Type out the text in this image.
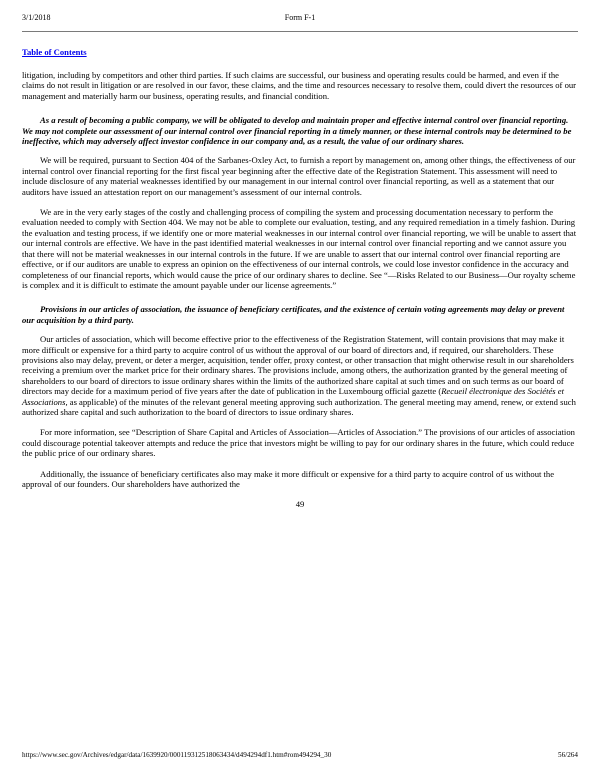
3/1/2018	Form F-1
Table of Contents

litigation, including by competitors and other third parties. If such claims are successful, our business and operating results could be harmed, and even if the claims do not result in litigation or are resolved in our favor, these claims, and the time and resources necessary to resolve them, could divert the resources of our management and materially harm our business, operating results, and financial condition.

As a result of becoming a public company, we will be obligated to develop and maintain proper and effective internal control over financial reporting. We may not complete our assessment of our internal control over financial reporting in a timely manner, or these internal controls may be determined to be ineffective, which may adversely affect investor confidence in our company and, as a result, the value of our ordinary shares.

We will be required, pursuant to Section 404 of the Sarbanes-Oxley Act, to furnish a report by management on, among other things, the effectiveness of our internal control over financial reporting for the first fiscal year beginning after the effective date of the Registration Statement. This assessment will need to include disclosure of any material weaknesses identified by our management in our internal control over financial reporting, as well as a statement that our auditors have issued an attestation report on our management’s assessment of our internal controls.

We are in the very early stages of the costly and challenging process of compiling the system and processing documentation necessary to perform the evaluation needed to comply with Section 404. We may not be able to complete our evaluation, testing, and any required remediation in a timely fashion. During the evaluation and testing process, if we identify one or more material weaknesses in our internal control over financial reporting, we will be unable to assert that our internal controls are effective. We have in the past identified material weaknesses in our internal control over financial reporting and we cannot assure you that there will not be material weaknesses in our internal controls in the future. If we are unable to assert that our internal control over financial reporting are effective, or if our auditors are unable to express an opinion on the effectiveness of our internal controls, we could lose investor confidence in the accuracy and completeness of our financial reports, which would cause the price of our ordinary shares to decline. See “—Risks Related to our Business—Our royalty scheme is complex and it is difficult to estimate the amount payable under our license agreements.”

Provisions in our articles of association, the issuance of beneficiary certificates, and the existence of certain voting agreements may delay or prevent our acquisition by a third party.

Our articles of association, which will become effective prior to the effectiveness of the Registration Statement, will contain provisions that may make it more difficult or expensive for a third party to acquire control of us without the approval of our board of directors and, if required, our shareholders. These provisions also may delay, prevent, or deter a merger, acquisition, tender offer, proxy contest, or other transaction that might otherwise result in our shareholders receiving a premium over the market price for their ordinary shares. The provisions include, among others, the authorization granted by the general meeting of shareholders to our board of directors to issue ordinary shares within the limits of the authorized share capital at such times and on such terms as our board of directors may decide for a maximum period of five years after the date of publication in the Luxembourg official gazette (Recueil électronique des Sociétés et Associations, as applicable) of the minutes of the relevant general meeting approving such authorization. The general meeting may amend, renew, or extend such authorized share capital and such authorization to the board of directors to issue ordinary shares.

For more information, see “Description of Share Capital and Articles of Association—Articles of Association.” The provisions of our articles of association could discourage potential takeover attempts and reduce the price that investors might be willing to pay for our ordinary shares in the future, which could reduce the public price of our ordinary shares.

Additionally, the issuance of beneficiary certificates also may make it more difficult or expensive for a third party to acquire control of us without the approval of our founders. Our shareholders have authorized the

49
https://www.sec.gov/Archives/edgar/data/1639920/000119312518063434/d494294df1.htm#rom494294_30	56/264
